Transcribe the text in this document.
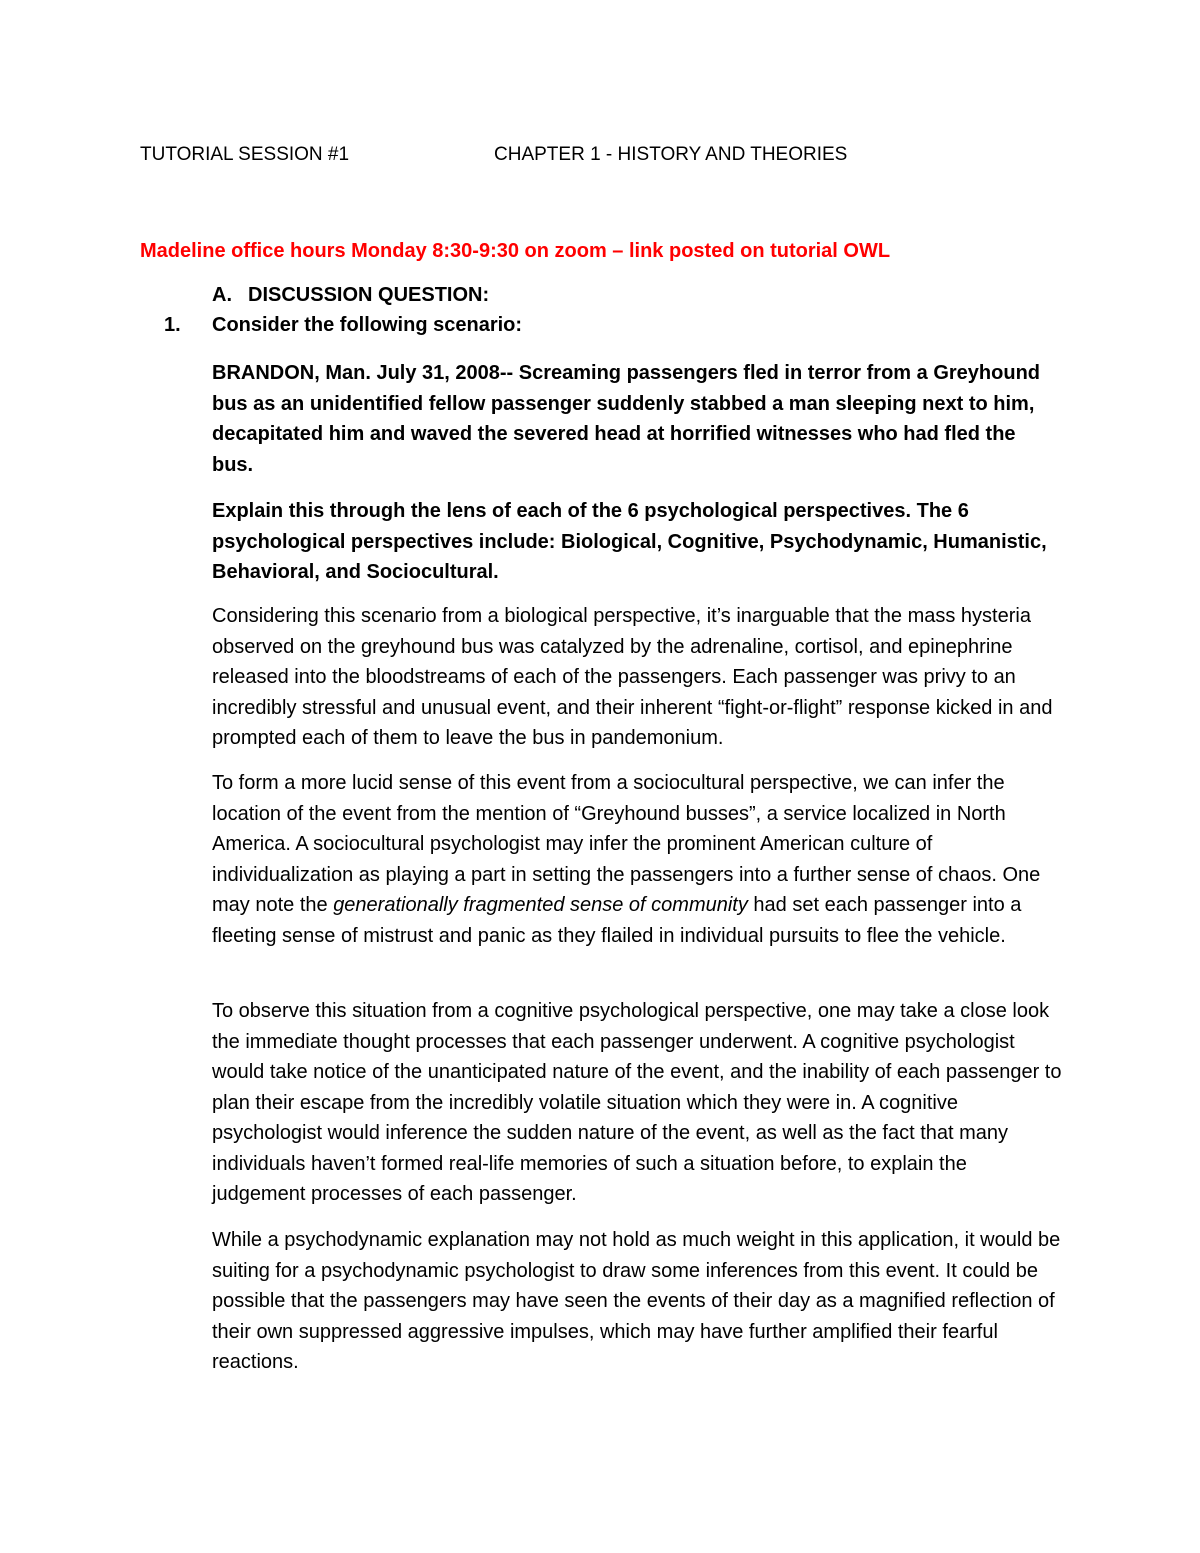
TUTORIAL SESSION #1	CHAPTER 1 - HISTORY AND THEORIES
Madeline office hours Monday 8:30-9:30 on zoom – link posted on tutorial OWL
A. DISCUSSION QUESTION:
1. Consider the following scenario:

BRANDON, Man. July 31, 2008-- Screaming passengers fled in terror from a Greyhound bus as an unidentified fellow passenger suddenly stabbed a man sleeping next to him, decapitated him and waved the severed head at horrified witnesses who had fled the bus.

Explain this through the lens of each of the 6 psychological perspectives. The 6 psychological perspectives include: Biological, Cognitive, Psychodynamic, Humanistic, Behavioral, and Sociocultural.

Considering this scenario from a biological perspective, it’s inarguable that the mass hysteria observed on the greyhound bus was catalyzed by the adrenaline, cortisol, and epinephrine released into the bloodstreams of each of the passengers. Each passenger was privy to an incredibly stressful and unusual event, and their inherent “fight-or-flight” response kicked in and prompted each of them to leave the bus in pandemonium.

To form a more lucid sense of this event from a sociocultural perspective, we can infer the location of the event from the mention of “Greyhound busses”, a service localized in North America. A sociocultural psychologist may infer the prominent American culture of individualization as playing a part in setting the passengers into a further sense of chaos. One may note the generationally fragmented sense of community had set each passenger into a fleeting sense of mistrust and panic as they flailed in individual pursuits to flee the vehicle.

To observe this situation from a cognitive psychological perspective, one may take a close look the immediate thought processes that each passenger underwent. A cognitive psychologist would take notice of the unanticipated nature of the event, and the inability of each passenger to plan their escape from the incredibly volatile situation which they were in. A cognitive psychologist would inference the sudden nature of the event, as well as the fact that many individuals haven’t formed real-life memories of such a situation before, to explain the judgement processes of each passenger.

While a psychodynamic explanation may not hold as much weight in this application, it would be suiting for a psychodynamic psychologist to draw some inferences from this event. It could be possible that the passengers may have seen the events of their day as a magnified reflection of their own suppressed aggressive impulses, which may have further amplified their fearful reactions.
